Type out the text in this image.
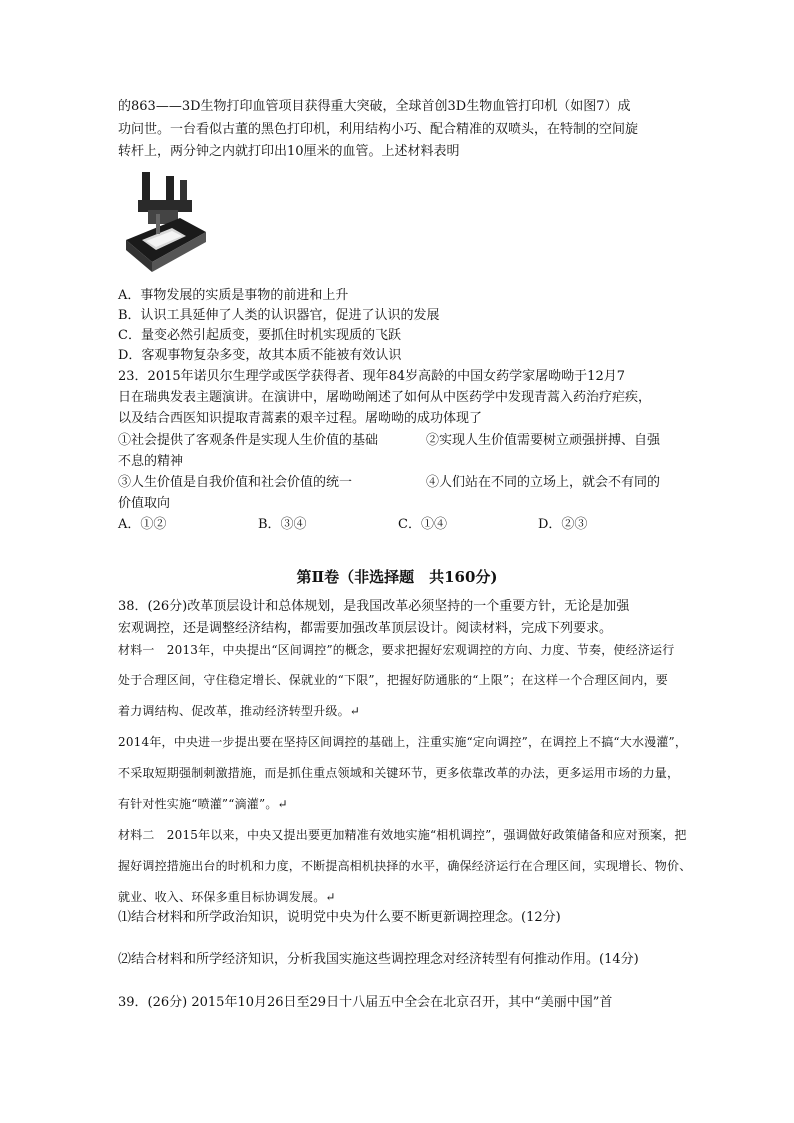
的863——3D生物打印血管项目获得重大突破，全球首创3D生物血管打印机（如图7）成
功问世。一台看似古董的黑色打印机，利用结构小巧、配合精准的双喷头，在特制的空间旋
转杆上，两分钟之内就打印出10厘米的血管。上述材料表明
A．事物发展的实质是事物的前进和上升
B．认识工具延伸了人类的认识器官，促进了认识的发展
C．量变必然引起质变，要抓住时机实现质的飞跃
D．客观事物复杂多变，故其本质不能被有效认识
23．2015年诺贝尔生理学或医学获得者、现年84岁高龄的中国女药学家屠呦呦于12月7
日在瑞典发表主题演讲。在演讲中，屠呦呦阐述了如何从中医药学中发现青蒿入药治疗疟疾，
以及结合西医知识提取青蒿素的艰辛过程。屠呦呦的成功体现了
①社会提供了客观条件是实现人生价值的基础	②实现人生价值需要树立顽强拼搏、自强
不息的精神
③人生价值是自我价值和社会价值的统一	④人们站在不同的立场上，就会不有同的
价值取向
A．①②	B．③④	C．①④	D．②③
第Ⅱ卷（非选择题　共160分)
38．(26分)改革顶层设计和总体规划，是我国改革必须坚持的一个重要方针，无论是加强
宏观调控，还是调整经济结构，都需要加强改革顶层设计。阅读材料，完成下列要求。
材料一　2013年，中央提出“区间调控”的概念，要求把握好宏观调控的方向、力度、节奏，使经济运行
处于合理区间，守住稳定增长、保就业的“下限”，把握好防通胀的“上限”；在这样一个合理区间内，要
着力调结构、促改革，推动经济转型升级。↵
2014年，中央进一步提出要在坚持区间调控的基础上，注重实施“定向调控”，在调控上不搞“大水漫灌”，
不采取短期强制刺激措施，而是抓住重点领域和关键环节，更多依靠改革的办法，更多运用市场的力量，
有针对性实施“喷灌”“滴灌”。↵
材料二　2015年以来，中央又提出要更加精准有效地实施“相机调控”，强调做好政策储备和应对预案，把
握好调控措施出台的时机和力度，不断提高相机抉择的水平，确保经济运行在合理区间，实现增长、物价、
就业、收入、环保多重目标协调发展。↵
⑴结合材料和所学政治知识，说明党中央为什么要不断更新调控理念。(12分)
⑵结合材料和所学经济知识，分析我国实施这些调控理念对经济转型有何推动作用。(14分)
39．(26分) 2015年10月26日至29日十八届五中全会在北京召开，其中“美丽中国”首
